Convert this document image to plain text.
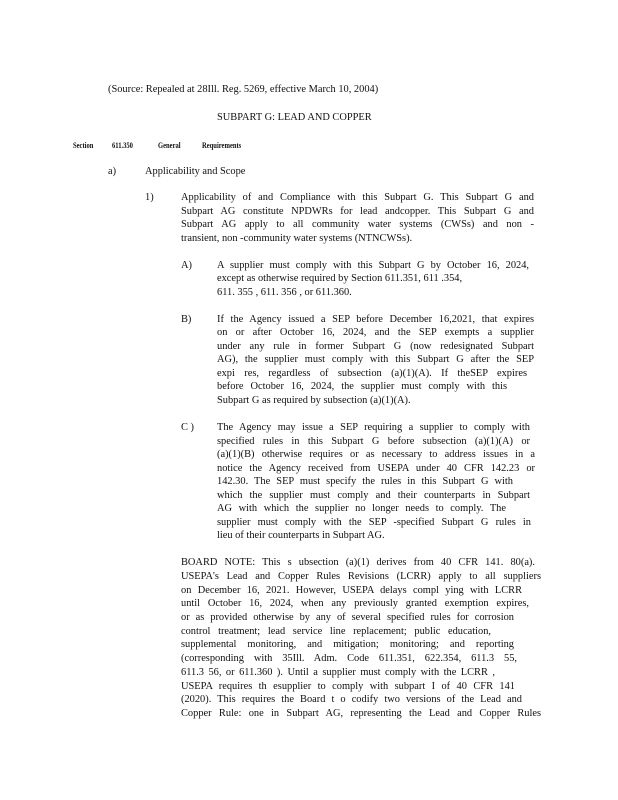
(Source: Repealed at 28Ill. Reg. 5269, effective March 10, 2004)
SUBPART G: LEAD AND COPPER
Section 611.350	General	Requirements
a)	Applicability and Scope
1)	Applicability of and Compliance with this Subpart G. This Subpart G and
Subpart AG constitute NPDWRs for lead andcopper. This Subpart G and
Subpart AG apply to all community water systems (CWSs) and non -
transient, non -community water systems (NTNCWSs).
A) A supplier must comply with this Subpart G by October 16, 2024,
except as otherwise required by Section 611.351, 611 .354,
611. 355 , 611. 356 , or 611.360.
B) If the Agency issued a SEP before December 16,2021, that expires
on or after October 16, 2024, and the SEP exempts a supplier
under any rule in former Subpart G (now redesignated Subpart
AG), the supplier must comply with this Subpart G after the SEP
expi res, regardless of subsection (a)(1)(A). If theSEP expires
before October 16, 2024, the supplier must comply with this
Subpart G as required by subsection (a)(1)(A).
C ) The Agency may issue a SEP requiring a supplier to comply with
specified rules in this Subpart G before subsection (a)(1)(A) or
(a)(1)(B) otherwise requires or as necessary to address issues in a
notice the Agency received from USEPA under 40 CFR 142.23 or
142.30. The SEP must specify the rules in this Subpart G with
which the supplier must comply and their counterparts in Subpart
AG with which the supplier no longer needs to comply. The
supplier must comply with the SEP -specified Subpart G rules in
lieu of their counterparts in Subpart AG.
BOARD NOTE: This s ubsection (a)(1) derives from 40 CFR 141. 80(a).
USEPA's Lead and Copper Rules Revisions (LCRR) apply to all suppliers
on December 16, 2021. However, USEPA delays compl ying with LCRR
until October 16, 2024, when any previously granted exemption expires,
or as provided otherwise by any of several specified rules for corrosion
control treatment; lead service line replacement; public education,
supplemental monitoring, and mitigation; monitoring; and reporting
(corresponding with 35Ill. Adm. Code 611.351, 622.354, 611.3 55,
611.3 56, or 611.360 ). Until a supplier must comply with the LCRR ,
USEPA requires th esupplier to comply with subpart I of 40 CFR 141
(2020). This requires the Board t o codify two versions of the Lead and
Copper Rule: one in Subpart AG, representing the Lead and Copper Rules
